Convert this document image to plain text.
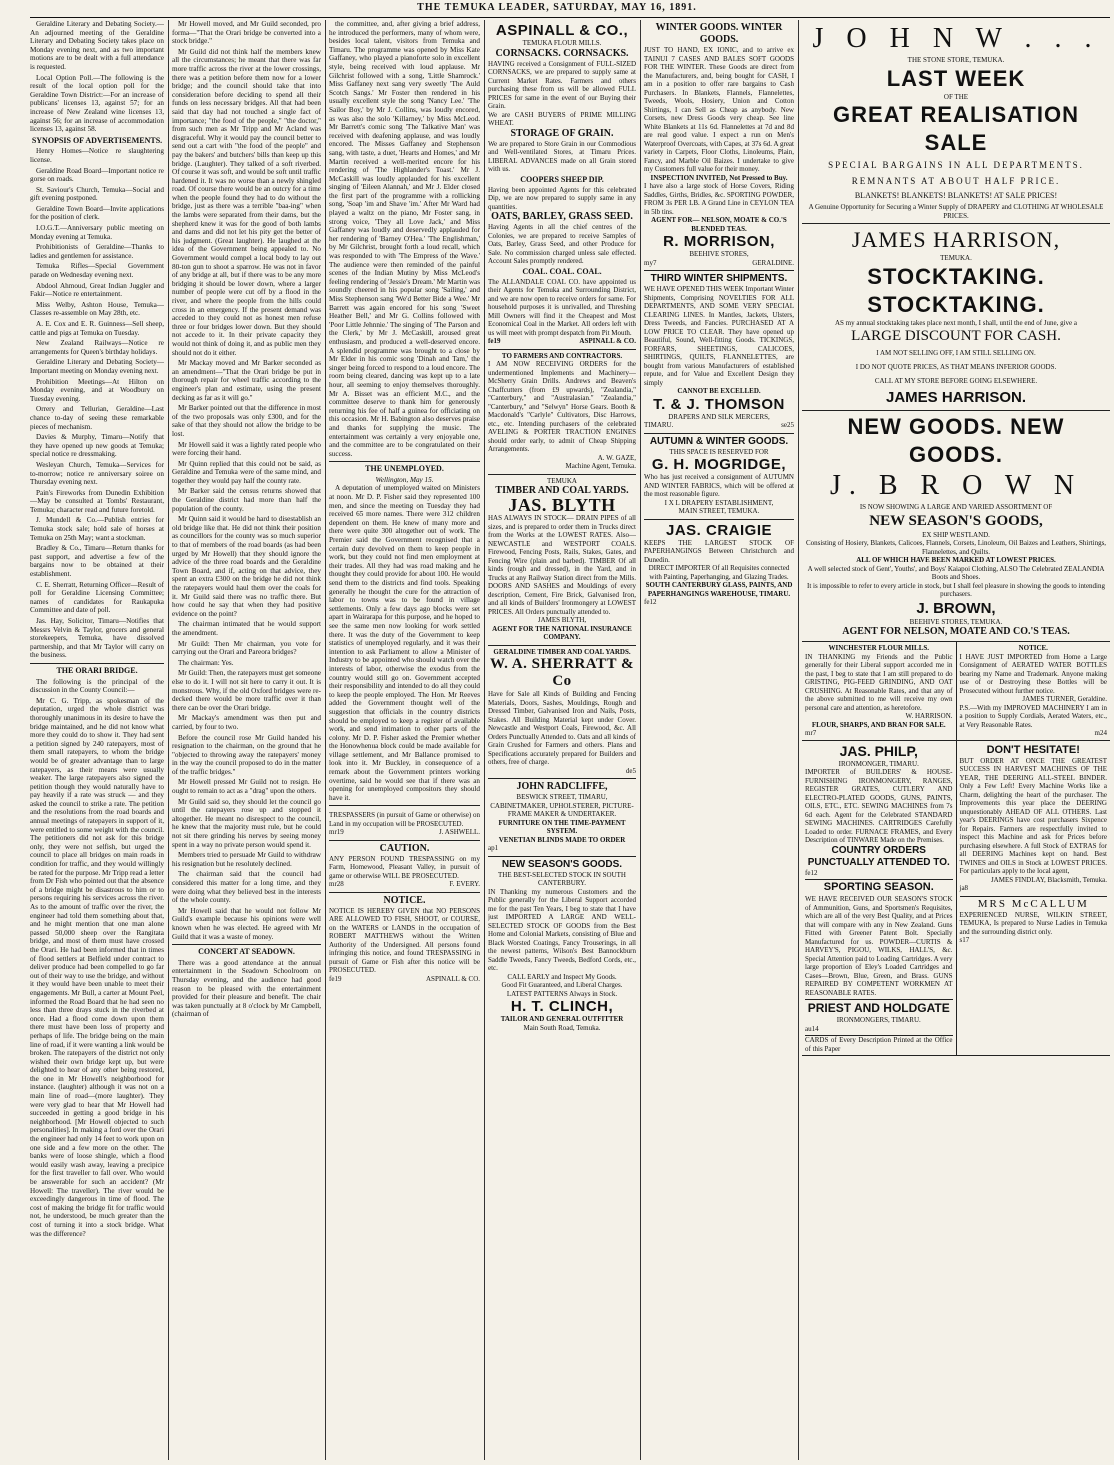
THE TEMUKA LEADER, SATURDAY, MAY 16, 1891.

Geraldine Literary and Debating Society.—An adjourned meeting of the Geraldine Literary and Debating Society takes place on Monday evening next, and as two important motions are to be dealt with a full attendance is requested.

Local Option Poll.—The following is the result of the local option poll for the Geraldine Town District:—For an increase of publicans' licenses 13, against 57; for an increase of New Zealand wine licenses 13, against 56; for an increase of accommodation licenses 13, against 58.

SYNOPSIS OF ADVERTISEMENTS.

Henry Homes—Notice re slaughtering license.

Geraldine Road Board—Important notice re gorse on roads.

St. Saviour's Church, Temuka—Social and gift evening postponed.

Geraldine Town Board—Invite applications for the position of clerk.

I.O.G.T.—Anniversary public meeting on Monday evening at Temuka.

Prohibitionists of Geraldine—Thanks to ladies and gentlemen for assistance.

Temuka Rifles—Special Government parade on Wednesday evening next.

Abdool Ahmoud, Great Indian Juggler and Fakir—Notice re entertainment.

Miss Welby, Ashton House, Temuka—Classes re-assemble on May 28th, etc.

A. E. Cox and E. R. Guinness—Sell sheep, cattle and pigs at Temuka on Tuesday.

New Zealand Railways—Notice re arrangements for Queen's birthday holidays.

Geraldine Literary and Debating Society—Important meeting on Monday evening next.

Prohibition Meetings—At Hilton on Monday evening, and at Woodbury on Tuesday evening.

Orrery and Tellurian, Geraldine—Last chance to-day of seeing these remarkable pieces of mechanism.

Davies & Murphy, Timaru—Notify that they have opened up new goods at Temuka; special notice re dressmaking.

Wesleyan Church, Temuka—Services for to-morrow; notice re anniversary soiree on Thursday evening next.

Pain's Fireworks from Dunedin Exhibition—May be consulted at Tombs' Restaurant, Temuka; character read and future foretold.

J. Mundell & Co.—Publish entries for Temuka stock sale; hold sale of horses at Temuka on 25th May; want a stockman.

Bradley & Co., Timaru—Return thanks for past support, and advertise a few of the bargains now to be obtained at their establishment.

C. E. Sherratt, Returning Officer—Result of poll for Geraldine Licensing Committee; names of candidates for Raukapuka Committee and date of poll.

Jas. Hay, Solicitor, Timaru—Notifies that Messrs Velvin & Taylor, grocers and general storekeepers, Temuka, have dissolved partnership, and that Mr Taylor will carry on the business.

THE ORARI BRIDGE.

The following is the principal of the discussion in the County Council:—

Mr C. G. Tripp, as spokesman of the deputation, urged the whole district was thoroughly unanimous in its desire to have the bridge maintained, and he did not know what more they could do to show it. They had sent a petition signed by 240 ratepayers, most of them small ratepayers, to whom the bridge would be of greater advantage than to large ratepayers, as their means were usually weaker. The large ratepayers also signed the petition though they would naturally have to pay heavily if a rate was struck — and they asked the council to strike a rate. The petition and the resolutions from the road boards and annual meetings of ratepayers in support of it, were entitled to some weight with the council. The petitioners did not ask for this bridge only, they were not selfish, but urged the council to place all bridges on main roads in condition for traffic, and they would willingly be rated for the purpose. Mr Tripp read a letter from Dr Fish who pointed out that the absence of a bridge might be disastrous to him or to persons requiring his services across the river. As to the amount of traffic over the river, the engineer had told them something about that, and he might mention that one man alone passed 50,000 sheep over the Rangitata bridge, and most of them must have crossed the Orari. He had been informed that in times of flood settlers at Belfield under contract to deliver produce had been compelled to go far out of their way to use the bridge, and without it they would have been unable to meet their engagements. Mr Bull, a carter at Mount Peel, informed the Road Board that he had seen no less than three drays stuck in the riverbed at once. Had a flood come down upon them there must have been loss of property and perhaps of life. The bridge being on the main line of road, if it were wanting a link would be broken. The ratepayers of the district not only wished their own bridge kept up, but were delighted to hear of any other being restored, the one in Mr Howell's neighborhood for instance. (laughter) although it was not on a main line of road—(more laughter). They were very glad to hear that Mr Howell had succeeded in getting a good bridge in his neighborhood. [Mr Howell objected to such personalities]. In making a ford over the Orari the engineer had only 14 feet to work upon on one side and a few more on the other. The banks were of loose shingle, which a flood would easily wash away, leaving a precipice for the first traveller to fall over. Who would be answerable for such an accident? (Mr Howell: The traveller). The river would be exceedingly dangerous in time of flood. The cost of making the bridge fit for traffic would not, he understood, be much greater than the cost of turning it into a stock bridge. What was the difference?

Mr Howell moved, and Mr Guild seconded, pro forma—"That the Orari bridge be converted into a stock bridge."

Mr Guild did not think half the members knew all the circumstances; he meant that there was far more traffic across the river at the lower crossings, there was a petition before them now for a lower bridge; and the council should take that into consideration before deciding to spend all their funds on less necessary bridges. All that had been said that day had not touched a single fact of importance; "the food of the people," "the doctor," from such men as Mr Tripp and Mr Acland was disgraceful. Why it would pay the council better to send out a cart with "the food of the people" and pay the bakers' and butchers' bills than keep up this bridge. (Laughter). They talked of a soft riverbed. Of course it was soft, and would be soft until traffic hardened it. It was no worse than a newly shingled road. Of course there would be an outcry for a time when the people found they had to do without the bridge, just as there was a terrible "baa-ing" when the lambs were separated from their dams, but the shepherd knew it was for the good of both lambs and dams and did not let his pity get the better of his judgment. (Great laughter). He laughed at the idea of the Government being appealed to. No Government would compel a local body to lay out 80-ton gun to shoot a sparrow. He was not in favor of any bridge at all, but if there was to be any more bridging it should be lower down, where a larger number of people were cut off by a flood in the river, and where the people from the hills could cross in an emergency. If the present demand was acceded to they could not as honest men refuse three or four bridges lower down. But they should not accede to it. In their private capacity they would not think of doing it, and as public men they should not do it either.

Mr Mackay moved and Mr Barker seconded as an amendment—"That the Orari bridge be put in thorough repair for wheel traffic according to the engineer's plan and estimate, using the present decking as far as it will go."

Mr Barker pointed out that the difference in most of the two proposals was only £300, and for the sake of that they should not allow the bridge to be lost.

Mr Howell said it was a lightly rated people who were forcing their hand.

Mr Quinn replied that this could not be said, as Geraldine and Temuka were of the same mind, and together they would pay half the county rate.

Mr Barker said the census returns showed that the Geraldine district had more than half the population of the county.

Mr Quinn said it would be hard to disestablish an old bridge like that. He did not think their position as councillors for the county was so much superior to that of members of the road boards (as had been urged by Mr Howell) that they should ignore the advice of the three road boards and the Geraldine Town Board, and if, acting on that advice, they spent an extra £300 on the bridge he did not think the ratepayers would haul them over the coals for it. Mr Guild said there was no traffic there. But how could he say that when they had positive evidence on the point?

The chairman intimated that he would support the amendment.

Mr Guild: Then Mr chairman, you vote for carrying out the Orari and Pareora bridges?

The chairman: Yes.

Mr Guild: Then, the ratepayers must get someone else to do it. I will not sit here to carry it out. It is monstrous. Why, if the old Oxford bridges were re-decked there would be more traffic over it than there can be over the Orari bridge.

Mr Mackay's amendment was then put and carried, by four to two.

Before the council rose Mr Guild handed his resignation to the chairman, on the ground that he "objected to throwing away the ratepayers' money in the way the council proposed to do in the matter of the traffic bridges."

Mr Howell pressed Mr Guild not to resign. He ought to remain to act as a "drag" upon the others.

Mr Guild said so, they should let the council go until the ratepayers rose up and stopped it altogether. He meant no disrespect to the council, he knew that the majority must rule, but he could not sit there grinding his nerves by seeing money spent in a way no private person would spend it.

Members tried to persuade Mr Guild to withdraw his resignation but he resolutely declined.

The chairman said that the council had considered this matter for a long time, and they were doing what they believed best in the interests of the whole county.

Mr Howell said that he would not follow Mr Guild's example because his opinions were well known when he was elected. He agreed with Mr Guild that it was a waste of money.

CONCERT AT SEADOWN.

There was a good attendance at the annual entertainment in the Seadown Schoolroom on Thursday evening, and the audience had good reason to be pleased with the entertainment provided for their pleasure and benefit. The chair was taken punctually at 8 o'clock by Mr Campbell, (chairman of

the committee, and, after giving a brief address, he introduced the performers, many of whom were, besides local talent, visitors from Temuka and Timaru. The programme was opened by Miss Kate Gaffaney, who played a pianoforte solo in excellent style, being received with loud applause. Mr Gilchrist followed with a song, 'Little Shamrock.' Miss Gaffaney next sang very sweetly 'The Auld Scotch Sangs.' Mr Foster then rendered in his usually excellent style the song 'Nancy Lee.' 'The Sailor Boy,' by Mr J. Collins, was loudly encored, as was also the solo 'Killarney,' by Miss McLeod. Mr Barrett's comic song 'The Talkative Man' was received with deafening applause, and was loudly encored. The Misses Gaffaney and Stephenson sang, with taste, a duet, 'Hearts and Homes,' and Mr Martin received a well-merited encore for his rendering of 'The Highlander's Toast.' Mr J. McCaskill was loudly applauded for his excellent singing of 'Eileen Alannah,' and Mr J. Elder closed the first part of the programme with a rollicking song, 'Soap 'im and Shave 'im.' After Mr Ward had played a waltz on the piano, Mr Foster sang, in strong voice, 'They all Love Jack,' and Miss Gaffaney was loudly and deservedly applauded for her rendering of 'Barney O'Hea.' 'The Englishman,' by Mr Gilchrist, brought forth a loud recall, which was responded to with 'The Empress of the Wave.' The audience were then reminded of the painful scenes of the Indian Mutiny by Miss McLeod's feeling rendering of 'Jessie's Dream.' Mr Martin was soundly cheered in his popular song 'Sailing,' and Miss Stephenson sang 'We'd Better Bide a Wee.' Mr Barrett was again encored for his song 'Sweet Heather Bell,' and Mr G. Collins followed with 'Poor Little Jehnnie.' The singing of 'The Parson and the Clerk,' by Mr J. McCaskill, aroused great enthusiasm, and produced a well-deserved encore. A splendid programme was brought to a close by Mr Elder in his comic song 'Dinah and Tam,' the singer being forced to respond to a loud encore. The room being cleared, dancing was kept up to a late hour, all seeming to enjoy themselves thoroughly. Mr A. Bisset was an efficient M.C., and the committee deserve to thank him for generously returning his fee of half a guinea for officiating on this occasion. Mr H. Babington also deserves praise and thanks for supplying the music. The entertainment was certainly a very enjoyable one, and the committee are to be congratulated on their success.

THE UNEMPLOYED.
Wellington, May 15.

A deputation of unemployed waited on Ministers at noon. Mr D. P. Fisher said they represented 100 men, and since the meeting on Tuesday they had received 65 more names. There were 312 children dependent on them. He knew of many more and there were quite 300 altogether out of work. The Premier said the Government recognised that a certain duty devolved on them to keep people in work, but they could not find men employment at their trades. All they had was road making and he thought they could provide for about 100. He would send them to the districts and find tools. Speaking generally he thought the cure for the attraction of labor to towns was to be found in village settlements. Only a few days ago blocks were set apart in Wairarapa for this purpose, and he hoped to see the same men now looking for work settled there. It was the duty of the Government to keep statistics of unemployed regularly, and it was their intention to ask Parliament to allow a Minister of Industry to be appointed who should watch over the interests of labor, otherwise the exodus from the country would still go on. Government accepted their responsibility and intended to do all they could to keep the people employed. The Hon. Mr Reeves added the Government thought well of the suggestion that officials in the country districts should be employed to keep a register of available work, and send intimation to other parts of the colony. Mr D. P. Fisher asked the Premier whether the Honowhenua block could be made available for village settlement, and Mr Ballance promised to look into it. Mr Buckley, in consequence of a remark about the Government printers working overtime, said he would see that if there was an opening for unemployed compositors they should have it.

TRESPASSERS (in pursuit of Game or otherwise) on Land in my occupation will be PROSECUTED.
mr19	J. ASHWELL.
CAUTION.
ANY PERSON FOUND TRESPASSING on my Farm, Homewood, Pleasant Valley, in pursuit of game or otherwise WILL BE PROSECUTED.
mr28	F. EVERY.
NOTICE.
NOTICE IS HEREBY GIVEN that NO PERSONS ARE ALLOWED TO FISH, SHOOT, or COURSE, on the WATERS or LANDS in the occupation of ROBERT MATTHEWS without the Written Authority of the Undersigned. All persons found infringing this notice, and found TRESPASSING in pursuit of Game or Fish after this notice will be PROSECUTED.
fe19	ASPINALL & CO.
ASPINALL & CO.,
TEMUKA FLOUR MILLS.
CORNSACKS. CORNSACKS.
HAVING received a Consignment of FULL-SIZED CORNSACKS, we are prepared to supply same at Current Market Rates. Farmers and others purchasing these from us will be allowed FULL PRICES for same in the event of our Buying their Grain.
We are CASH BUYERS of PRIME MILLING WHEAT.
STORAGE OF GRAIN.
We are prepared to Store Grain in our Commodious and Well-ventilated Stores, at Timaru Prices. LIBERAL ADVANCES made on all Grain stored with us.
COOPERS SHEEP DIP.
Having been appointed Agents for this celebrated Dip, we are now prepared to supply same in any quantities.
OATS, BARLEY, GRASS SEED.
Having Agents in all the chief centres of the Colonies, we are prepared to receive Samples of Oats, Barley, Grass Seed, and other Produce for Sale. No commission charged unless sale effected. Account Sales promptly rendered.
COAL. COAL. COAL.
The ALLANDALE COAL CO. have appointed us their Agents for Temuka and Surrounding District, and we are now open to receive orders for same. For household purposes it is unrivalled, and Threshing Mill Owners will find it the Cheapest and Most Economical Coal in the Market. All orders left with us will meet with prompt despatch from Pit Mouth.
fe19	ASPINALL & CO.
TO FARMERS AND CONTRACTORS.
I AM NOW RECEIVING ORDERS for the undermentioned Implements and Machinery— McSherry Grain Drills. Andrews and Beaven's Chaffcutters (from £9 upwards), "Zealandia," "Canterbury," and "Australasian." "Zealandia," "Canterbury," and "Selwyn" Horse Gears. Booth & Macdonald's "Carlyle" Cultivators, Disc Harrows, etc., etc. Intending purchasers of the celebrated AVELING & PORTER TRACTION ENGINES should order early, to admit of Cheap Shipping Arrangements.
A. W. GAZE,
Machine Agent, Temuka.
TEMUKA
TIMBER AND COAL YARDS.
JAS. BLYTH
HAS ALWAYS IN STOCK— DRAIN PIPES of all sizes, and is prepared to order them in Trucks direct from the Works at the LOWEST RATES. Also— NEWCASTLE and WESTPORT COALS. Firewood, Fencing Posts, Rails, Stakes, Gates, and Fencing Wire (plain and barbed). TIMBER Of all kinds (rough and dressed), in the Yard, and in Trucks at any Railway Station direct from the Mills. DOORS AND SASHES and Mouldings of every description, Cement, Fire Brick, Galvanised Iron, and all kinds of Builders' Ironmongery at LOWEST PRICES. All Orders punctually attended to.
JAMES BLYTH,
AGENT FOR THE NATIONAL INSURANCE COMPANY.
GERALDINE TIMBER AND COAL YARDS.
W. A. SHERRATT & Co
Have for Sale all Kinds of Building and Fencing Materials, Doors, Sashes, Mouldings, Rough and Dressed Timber, Galvanised Iron and Nails, Posts, Stakes. All Building Material kept under Cover. Newcastle and Westport Coals, Firewood, &c. All Orders Punctually Attended to. Oats and all kinds of Grain Crushed for Farmers and others. Plans and Specifications accurately prepared for Builders and others, free of charge.
de5
JOHN RADCLIFFE,
BESWICK STREET, TIMARU,
CABINETMAKER, UPHOLSTERER, PICTURE-FRAME MAKER & UNDERTAKER.
FURNITURE ON THE TIME-PAYMENT SYSTEM.
VENETIAN BLINDS MADE TO ORDER
ap1
NEW SEASON'S GOODS.
THE BEST-SELECTED STOCK IN SOUTH CANTERBURY.
IN Thanking my numerous Customers and the Public generally for the Liberal Support accorded me for the past Ten Years, I beg to state that I have just IMPORTED A LARGE AND WELL-SELECTED STOCK OF GOODS from the Best Home and Colonial Markets, consisting of Blue and Black Worsted Coatings, Fancy Trouserings, in all the newest patterns, Wilson's Best Bannockburn Saddle Tweeds, Fancy Tweeds, Bedford Cords, etc., etc.
CALL EARLY and Inspect My Goods.
Good Fit Guaranteed, and Liberal Charges.
LATEST PATTERNS Always in Stock.
H. T. CLINCH,
TAILOR AND GENERAL OUTFITTER
Main South Road, Temuka.
WINTER GOODS. WINTER GOODS.
JUST TO HAND, EX IONIC, and to arrive ex TAINUI 7 CASES AND BALES SOFT GOODS FOR THE WINTER. These Goods are direct from the Manufacturers, and, being bought for CASH, I am in a position to offer rare bargains to Cash Purchasers. In Blankets, Flannels, Flannelettes, Tweeds, Wools, Hosiery, Union and Cotton Shirtings, I can Sell as Cheap as anybody. New Corsets, new Dress Goods very cheap. See line White Blankets at 11s 6d. Flannelettes at 7d and 8d are real good value. I expect a run on Men's Waterproof Overcoats, with Capes, at 37s 6d. A great variety in Carpets, Floor Cloths, Linoleums, Plain, Fancy, and Marble Oil Baizes. I undertake to give my Customers full value for their money.
INSPECTION INVITED, Not Pressed to Buy.
I have also a large stock of Horse Covers, Riding Saddles, Girths, Bridles, &c. SPORTING POWDER, FROM 3s PER LB. A Grand Line in CEYLON TEA in 5lb tins.
AGENT FOR— NELSON, MOATE & CO.'S BLENDED TEAS.
R. MORRISON,
BEEHIVE STORES,
my7	GERALDINE.
THIRD WINTER SHIPMENTS.
WE HAVE OPENED THIS WEEK Important Winter Shipments, Comprising NOVELTIES FOR ALL DEPARTMENTS, AND SOME VERY SPECIAL CLEARING LINES. In Mantles, Jackets, Ulsters, Dress Tweeds, and Fancies. PURCHASED AT A LOW PRICE TO CLEAR. They have opened up Beautiful, Sound, Well-fitting Goods. TICKINGS, FORFARS, SHEETINGS, CALICOES, SHIRTINGS, QUILTS, FLANNELETTES, are bought from various Manufacturers of established repute, and for Value and Excellent Design they simply
CANNOT BE EXCELLED.
T. & J. THOMSON
DRAPERS AND SILK MERCERS,
TIMARU.	se25
AUTUMN & WINTER GOODS.
THIS SPACE IS RESERVED FOR
G. H. MOGRIDGE,
Who has just received a consignment of AUTUMN AND WINTER FABRICS, which will be offered at the most reasonable figure.
I X L DRAPERY ESTABLISHMENT,
MAIN STREET, TEMUKA.
JAS. CRAIGIE
KEEPS THE LARGEST STOCK OF PAPERHANGINGS Between Christchurch and Dunedin.
DIRECT IMPORTER Of all Requisites connected with Painting, Paperhanging, and Glazing Trades.
SOUTH CANTERBURY GLASS, PAINTS, AND PAPERHANGINGS WAREHOUSE, TIMARU.
fe12
J O H N W . . .
THE STONE STORE, TEMUKA.
LAST WEEK
OF THE
GREAT REALISATION SALE
SPECIAL BARGAINS IN ALL DEPARTMENTS.
REMNANTS AT ABOUT HALF PRICE.
BLANKETS! BLANKETS! BLANKETS! AT SALE PRICES!
A Genuine Opportunity for Securing a Winter Supply of DRAPERY and CLOTHING AT WHOLESALE PRICES.
JAMES HARRISON,
TEMUKA.
STOCKTAKING. STOCKTAKING.
AS my annual stocktaking takes place next month, I shall, until the end of June, give a
LARGE DISCOUNT FOR CASH.
I AM NOT SELLING OFF, I AM STILL SELLING ON.
I DO NOT QUOTE PRICES, AS THAT MEANS INFERIOR GOODS.
CALL AT MY STORE BEFORE GOING ELSEWHERE.
JAMES HARRISON.
NEW GOODS. NEW GOODS.
J. B R O W N
IS NOW SHOWING A LARGE AND VARIED ASSORTMENT OF
NEW SEASON'S GOODS,
EX SHIP WESTLAND.
Consisting of Hosiery, Blankets, Calicoes, Flannels, Corsets, Linoleum, Oil Baizes and Leathers, Shirtings, Flannelettes, and Quilts.
ALL OF WHICH HAVE BEEN MARKED AT LOWEST PRICES.
A well selected stock of Gent', Youths', and Boys' Kaiapoi Clothing, ALSO The Celebrated ZEALANDIA Boots and Shoes.
It is impossible to refer to every article in stock, but I shall feel pleasure in showing the goods to intending purchasers.
J. BROWN,
BEEHIVE STORES, TEMUKA.
AGENT FOR NELSON, MOATE AND CO.'S TEAS.
WINCHESTER FLOUR MILLS.
IN THANKING my Friends and the Public generally for their Liberal support accorded me in the past, I beg to state that I am still prepared to do GRISTING, PIG-FEED GRINDING, AND OAT CRUSHING. At Reasonable Rates, and that any of the above submitted to me will receive my own personal care and attention, as heretofore.
W. HARRISON.
FLOUR, SHARPS, AND BRAN FOR SALE.
mr7
NOTICE.
I HAVE JUST IMPORTED from Home a Large Consignment of AERATED WATER BOTTLES bearing my Name and Trademark. Anyone making use of or Destroying these Bottles will be Prosecuted without further notice.
JAMES TURNER, Geraldine.
P.S.—With my IMPROVED MACHINERY I am in a position to Supply Cordials, Aerated Waters, etc., at Very Reasonable Rates.
m24
JAS. PHILP,
IRONMONGER, TIMARU.
IMPORTER of BUILDERS' & HOUSE-FURNISHING IRONMONGERY, RANGES, REGISTER GRATES, CUTLERY AND ELECTRO-PLATED GOODS, GUNS, PAINTS, OILS, ETC., ETC. SEWING MACHINES from 7s 6d each. Agent for the Celebrated STANDARD SEWING MACHINES. CARTRIDGES Carefully Loaded to order. FURNACE FRAMES, and Every Description of TINWARE Made on the Premises.
COUNTRY ORDERS PUNCTUALLY ATTENDED TO.
fe12
SPORTING SEASON.
WE HAVE RECEIVED OUR SEASON'S STOCK of Ammunition, Guns, and Sportsmen's Requisites, which are all of the very Best Quality, and at Prices that will compare with any in New Zealand. Guns Fitted with Greener Patent Bolt. Specially Manufactured for us. POWDER—CURTIS & HARVEY'S, PIGOU, WILKS, HALL'S, &c. Special Attention paid to Loading Cartridges. A very large proportion of Eley's Loaded Cartridges and Cases—Brown, Blue, Green, and Brass. GUNS REPAIRED BY COMPETENT WORKMEN AT REASONABLE RATES.
PRIEST AND HOLDGATE
IRONMONGERS, TIMARU.
au14
CARDS of Every Description Printed at the Office of this Paper
DON'T HESITATE!
BUT ORDER AT ONCE THE GREATEST SUCCESS IN HARVEST MACHINES OF THE YEAR, THE DEERING ALL-STEEL BINDER. Only a Few Left! Every Machine Works like a Charm, delighting the heart of the purchaser. The Improvements this year place the DEERING unquestionably AHEAD OF ALL OTHERS. Last year's DEERINGS have cost purchasers Sixpence for Repairs. Farmers are respectfully invited to inspect this Machine and ask for Prices before purchasing elsewhere. A full Stock of EXTRAS for all DEERING Machines kept on hand. Best TWINES and OILS in Stock at LOWEST PRICES. For particulars apply to the local agent,
JAMES FINDLAY, Blacksmith, Temuka.
ja8
MRS McCALLUM
EXPERIENCED NURSE, WILKIN STREET, TEMUKA, Is prepared to Nurse Ladies in Temuka and the surrounding district only.
s17
